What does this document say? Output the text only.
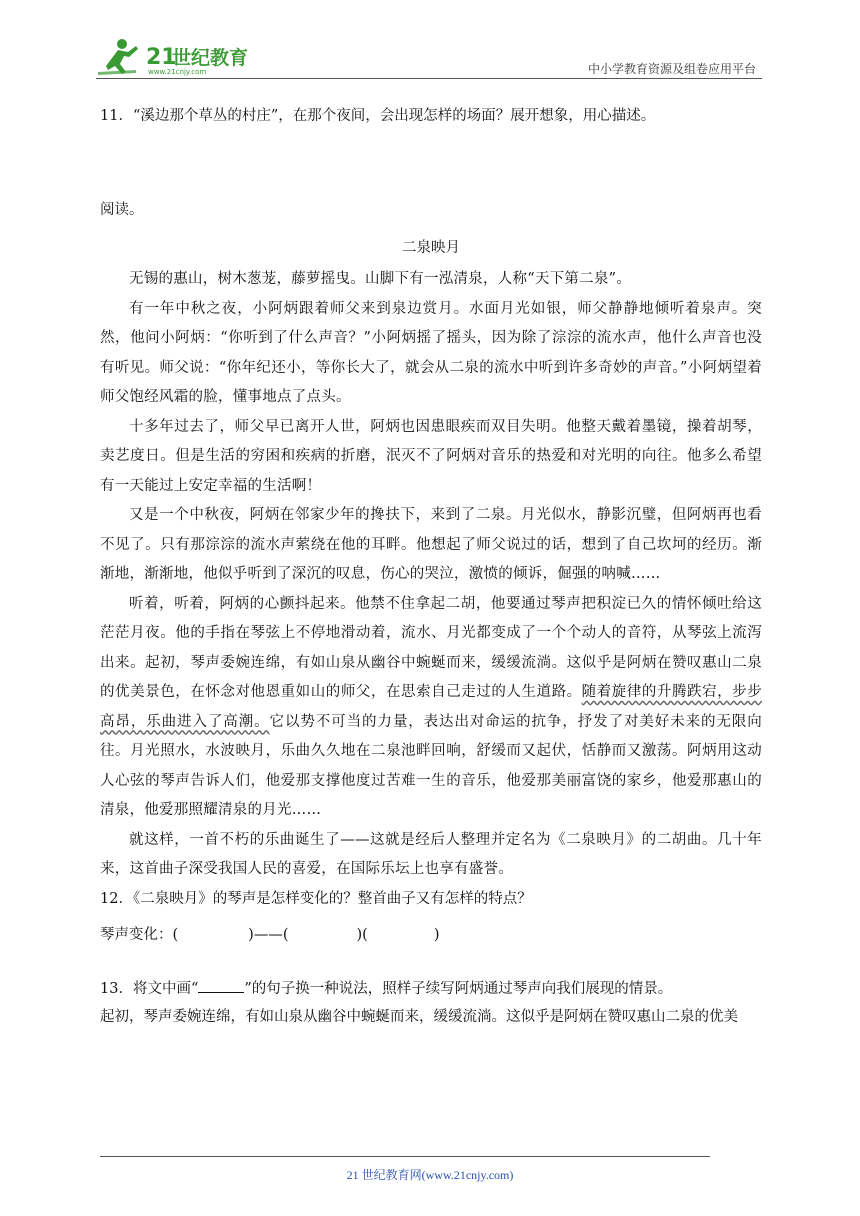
21
世纪教育
www.21cnjy.com	中小学教育资源及组卷应用平台

11．“溪边那个草丛的村庄”，在那个夜间，会出现怎样的场面？展开想象，用心描述。

阅读。

二泉映月

无锡的惠山，树木葱茏，藤萝摇曳。山脚下有一泓清泉，人称“天下第二泉”。

有一年中秋之夜，小阿炳跟着师父来到泉边赏月。水面月光如银，师父静静地倾听着泉声。突然，他问小阿炳：“你听到了什么声音？”小阿炳摇了摇头，因为除了淙淙的流水声，他什么声音也没有听见。师父说：“你年纪还小，等你长大了，就会从二泉的流水中听到许多奇妙的声音。”小阿炳望着师父饱经风霜的脸，懂事地点了点头。

十多年过去了，师父早已离开人世，阿炳也因患眼疾而双目失明。他整天戴着墨镜，操着胡琴，卖艺度日。但是生活的穷困和疾病的折磨，泯灭不了阿炳对音乐的热爱和对光明的向往。他多么希望有一天能过上安定幸福的生活啊！

又是一个中秋夜，阿炳在邻家少年的搀扶下，来到了二泉。月光似水，静影沉璧，但阿炳再也看不见了。只有那淙淙的流水声萦绕在他的耳畔。他想起了师父说过的话，想到了自己坎坷的经历。渐渐地，渐渐地，他似乎听到了深沉的叹息，伤心的哭泣，激愤的倾诉，倔强的呐喊……

听着，听着，阿炳的心颤抖起来。他禁不住拿起二胡，他要通过琴声把积淀已久的情怀倾吐给这茫茫月夜。他的手指在琴弦上不停地滑动着，流水、月光都变成了一个个动人的音符，从琴弦上流泻出来。起初，琴声委婉连绵，有如山泉从幽谷中蜿蜒而来，缓缓流淌。这似乎是阿炳在赞叹惠山二泉的优美景色，在怀念对他恩重如山的师父，在思索自己走过的人生道路。随着旋律的升腾跌宕，步步高昂，乐曲进入了高潮。它以势不可当的力量，表达出对命运的抗争，抒发了对美好未来的无限向往。月光照水，水波映月，乐曲久久地在二泉池畔回响，舒缓而又起伏，恬静而又激荡。阿炳用这动人心弦的琴声告诉人们，他爱那支撑他度过苦难一生的音乐，他爱那美丽富饶的家乡，他爱那惠山的清泉，他爱那照耀清泉的月光……

就这样，一首不朽的乐曲诞生了——这就是经后人整理并定名为《二泉映月》的二胡曲。几十年来，这首曲子深受我国人民的喜爱，在国际乐坛上也享有盛誉。

12．《二泉映月》的琴声是怎样变化的？整首曲子又有怎样的特点？

琴声变化：(	)——(	)(	)

13．将文中画“	”的句子换一种说法，照样子续写阿炳通过琴声向我们展现的情景。

起初，琴声委婉连绵，有如山泉从幽谷中蜿蜒而来，缓缓流淌。这似乎是阿炳在赞叹惠山二泉的优美

21 世纪教育网(www.21cnjy.com)
